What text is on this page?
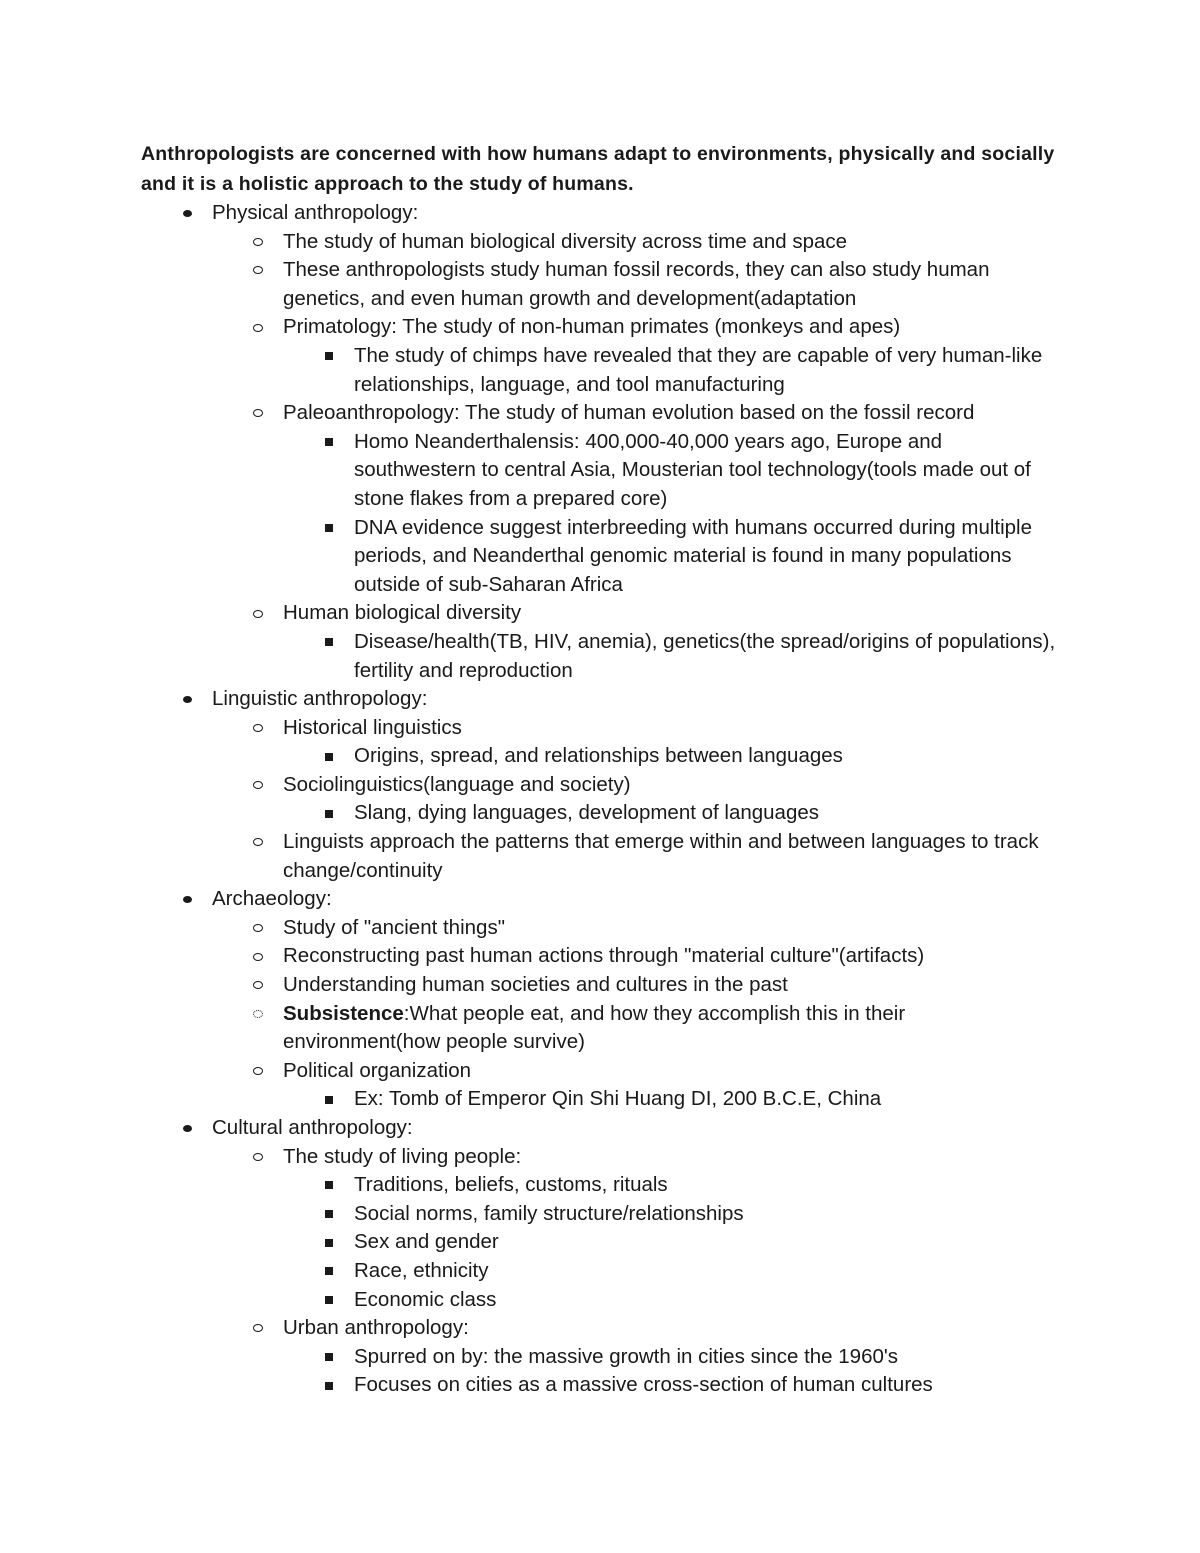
Anthropologists are concerned with how humans adapt to environments, physically and socially and it is a holistic approach to the study of humans.

Physical anthropology:
The study of human biological diversity across time and space
These anthropologists study human fossil records, they can also study human genetics, and even human growth and development(adaptation
Primatology: The study of non-human primates (monkeys and apes)
The study of chimps have revealed that they are capable of very human-like relationships, language, and tool manufacturing
Paleoanthropology: The study of human evolution based on the fossil record
Homo Neanderthalensis: 400,000-40,000 years ago, Europe and southwestern to central Asia, Mousterian tool technology(tools made out of stone flakes from a prepared core)
DNA evidence suggest interbreeding with humans occurred during multiple periods, and Neanderthal genomic material is found in many populations outside of sub-Saharan Africa
Human biological diversity
Disease/health(TB, HIV, anemia), genetics(the spread/origins of populations), fertility and reproduction
Linguistic anthropology:
Historical linguistics
Origins, spread, and relationships between languages
Sociolinguistics(language and society)
Slang, dying languages, development of languages
Linguists approach the patterns that emerge within and between languages to track change/continuity
Archaeology:
Study of "ancient things"
Reconstructing past human actions through "material culture"(artifacts)
Understanding human societies and cultures in the past
Subsistence:What people eat, and how they accomplish this in their environment(how people survive)
Political organization
Ex: Tomb of Emperor Qin Shi Huang DI, 200 B.C.E, China
Cultural anthropology:
The study of living people:
Traditions, beliefs, customs, rituals
Social norms, family structure/relationships
Sex and gender
Race, ethnicity
Economic class
Urban anthropology:
Spurred on by: the massive growth in cities since the 1960's
Focuses on cities as a massive cross-section of human cultures
